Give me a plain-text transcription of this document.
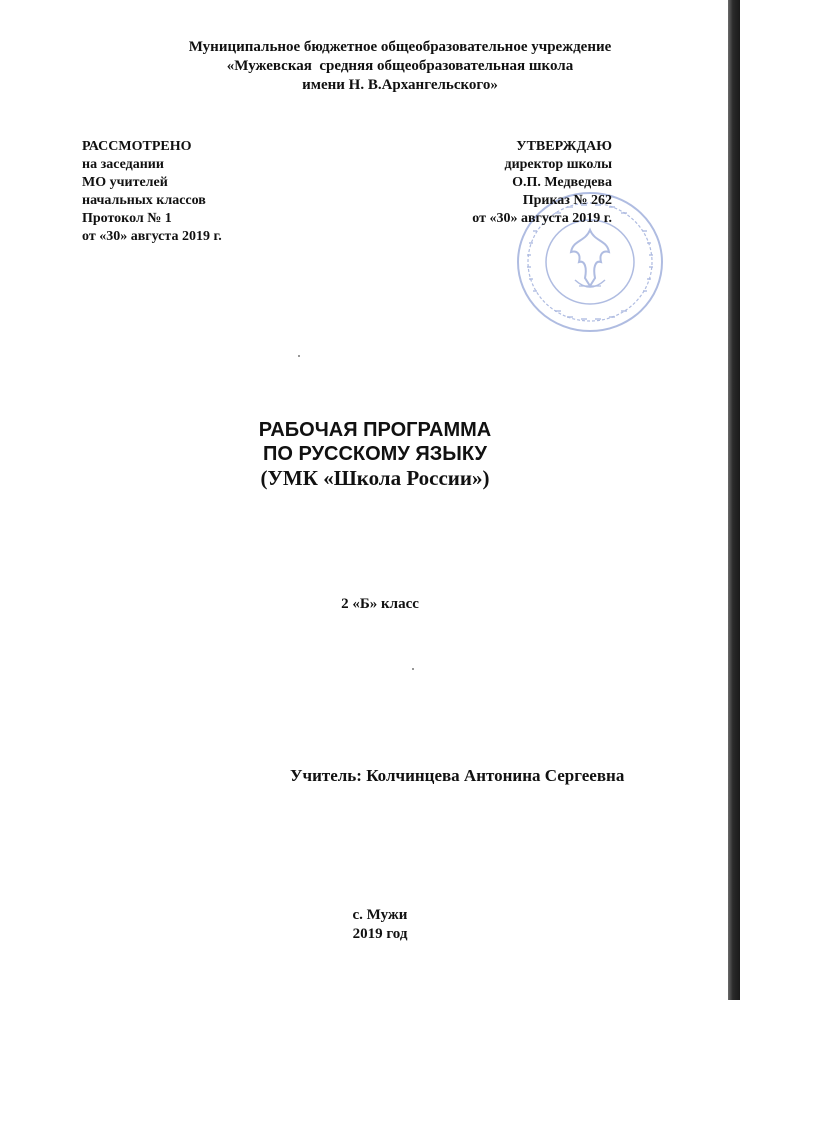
Муниципальное бюджетное общеобразовательное учреждение
«Мужевская  средняя общеобразовательная школа
имени Н. В.Архангельского»
РАССМОТРЕНО
на заседании
МО учителей
начальных классов
Протокол № 1
от «30» августа 2019 г.
УТВЕРЖДАЮ
директор школы
О.П. Медведева
Приказ № 262
от «30» августа 2019 г.
РАБОЧАЯ ПРОГРАММА
ПО РУССКОМУ ЯЗЫКУ
(УМК «Школа России»)
2 «Б» класс
Учитель: Колчинцева Антонина Сергеевна
с. Мужи
2019 год
